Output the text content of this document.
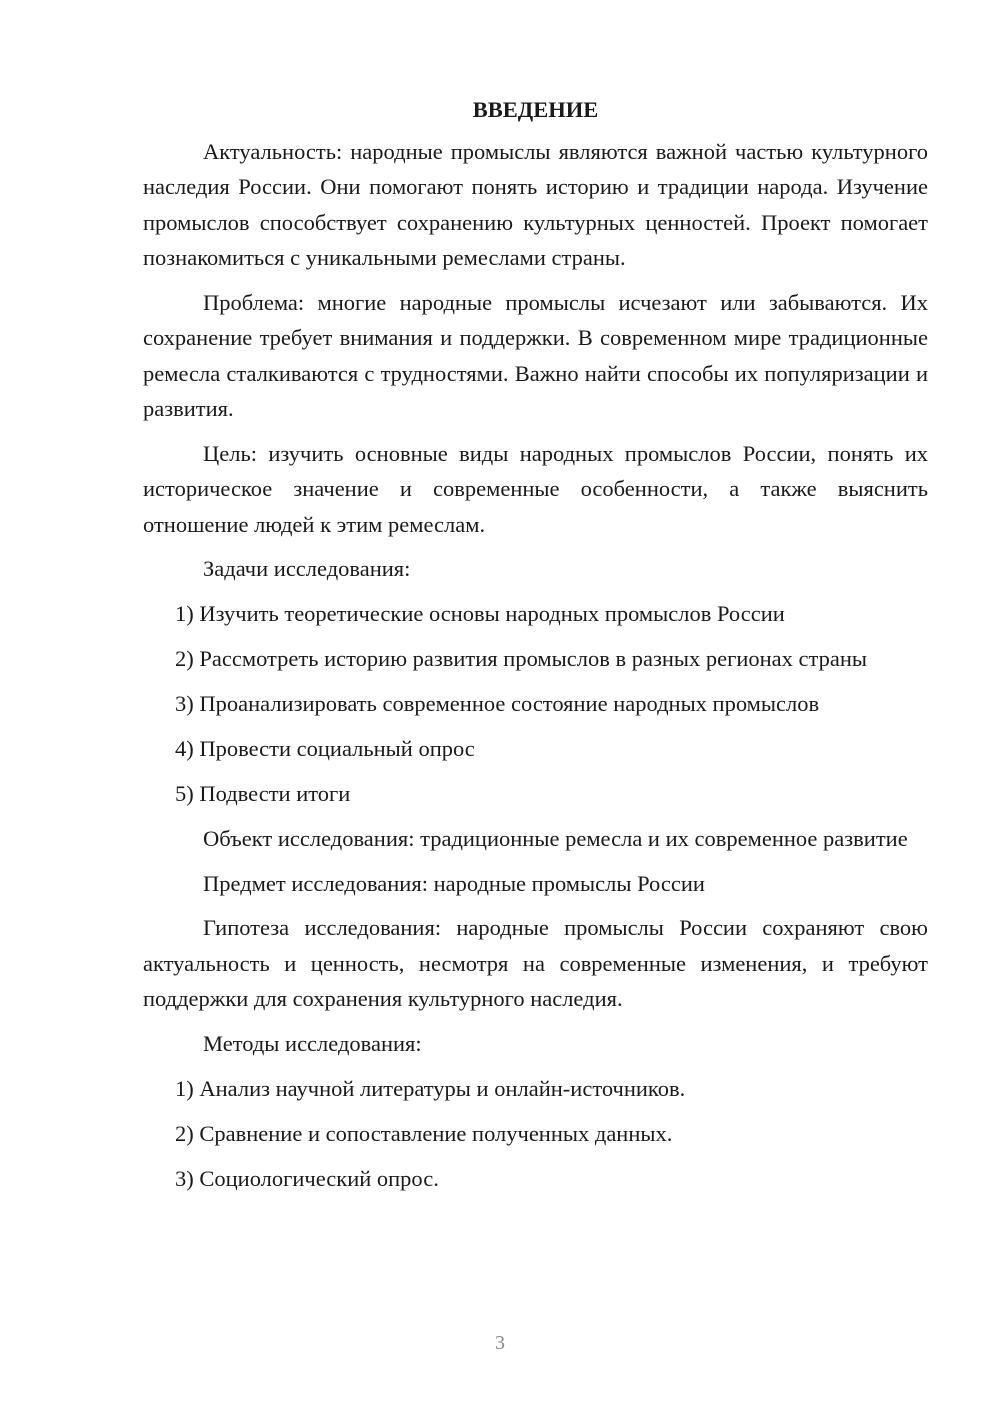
ВВЕДЕНИЕ

Актуальность: народные промыслы являются важной частью культурного наследия России. Они помогают понять историю и традиции народа. Изучение промыслов способствует сохранению культурных ценностей. Проект помогает познакомиться с уникальными ремеслами страны.

Проблема: многие народные промыслы исчезают или забываются. Их сохранение требует внимания и поддержки. В современном мире традиционные ремесла сталкиваются с трудностями. Важно найти способы их популяризации и развития.

Цель: изучить основные виды народных промыслов России, понять их историческое значение и современные особенности, а также выяснить отношение людей к этим ремеслам.

Задачи исследования:

1) Изучить теоретические основы народных промыслов России

2) Рассмотреть историю развития промыслов в разных регионах страны

3) Проанализировать современное состояние народных промыслов

4) Провести социальный опрос

5) Подвести итоги

Объект исследования: традиционные ремесла и их современное развитие

Предмет исследования: народные промыслы России

Гипотеза исследования: народные промыслы России сохраняют свою актуальность и ценность, несмотря на современные изменения, и требуют поддержки для сохранения культурного наследия.

Методы исследования:

1) Анализ научной литературы и онлайн-источников.

2) Сравнение и сопоставление полученных данных.

3) Социологический опрос.

3
